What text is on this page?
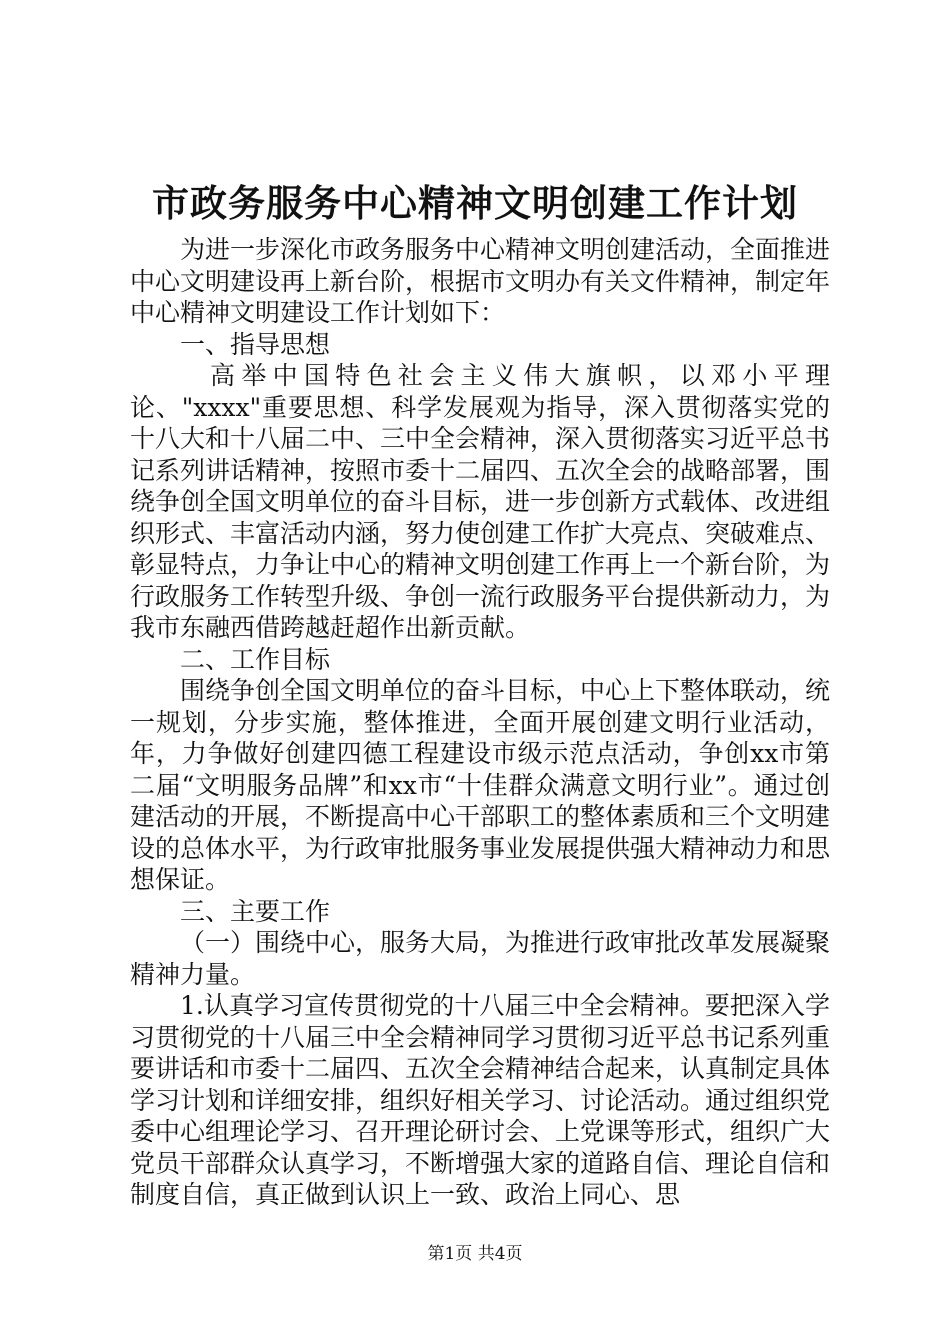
市政务服务中心精神文明创建工作计划

为进一步深化市政务服务中心精神文明创建活动，全面推进中心文明建设再上新台阶，根据市文明办有关文件精神，制定年中心精神文明建设工作计划如下：

一、指导思想

高举中国特色社会主义伟大旗帜，以邓小平理论、"xxxx"重要思想、科学发展观为指导，深入贯彻落实党的十八大和十八届二中、三中全会精神，深入贯彻落实习近平总书记系列讲话精神，按照市委十二届四、五次全会的战略部署，围绕争创全国文明单位的奋斗目标，进一步创新方式载体、改进组织形式、丰富活动内涵，努力使创建工作扩大亮点、突破难点、彰显特点，力争让中心的精神文明创建工作再上一个新台阶，为行政服务工作转型升级、争创一流行政服务平台提供新动力，为我市东融西借跨越赶超作出新贡献。

二、工作目标

围绕争创全国文明单位的奋斗目标，中心上下整体联动，统一规划，分步实施，整体推进，全面开展创建文明行业活动，年，力争做好创建四德工程建设市级示范点活动，争创xx市第二届“文明服务品牌”和xx市“十佳群众满意文明行业”。通过创建活动的开展，不断提高中心干部职工的整体素质和三个文明建设的总体水平，为行政审批服务事业发展提供强大精神动力和思想保证。

三、主要工作

（一）围绕中心，服务大局，为推进行政审批改革发展凝聚精神力量。

1.认真学习宣传贯彻党的十八届三中全会精神。要把深入学习贯彻党的十八届三中全会精神同学习贯彻习近平总书记系列重要讲话和市委十二届四、五次全会精神结合起来，认真制定具体学习计划和详细安排，组织好相关学习、讨论活动。通过组织党委中心组理论学习、召开理论研讨会、上党课等形式，组织广大党员干部群众认真学习，不断增强大家的道路自信、理论自信和制度自信，真正做到认识上一致、政治上同心、思

第1页 共4页
